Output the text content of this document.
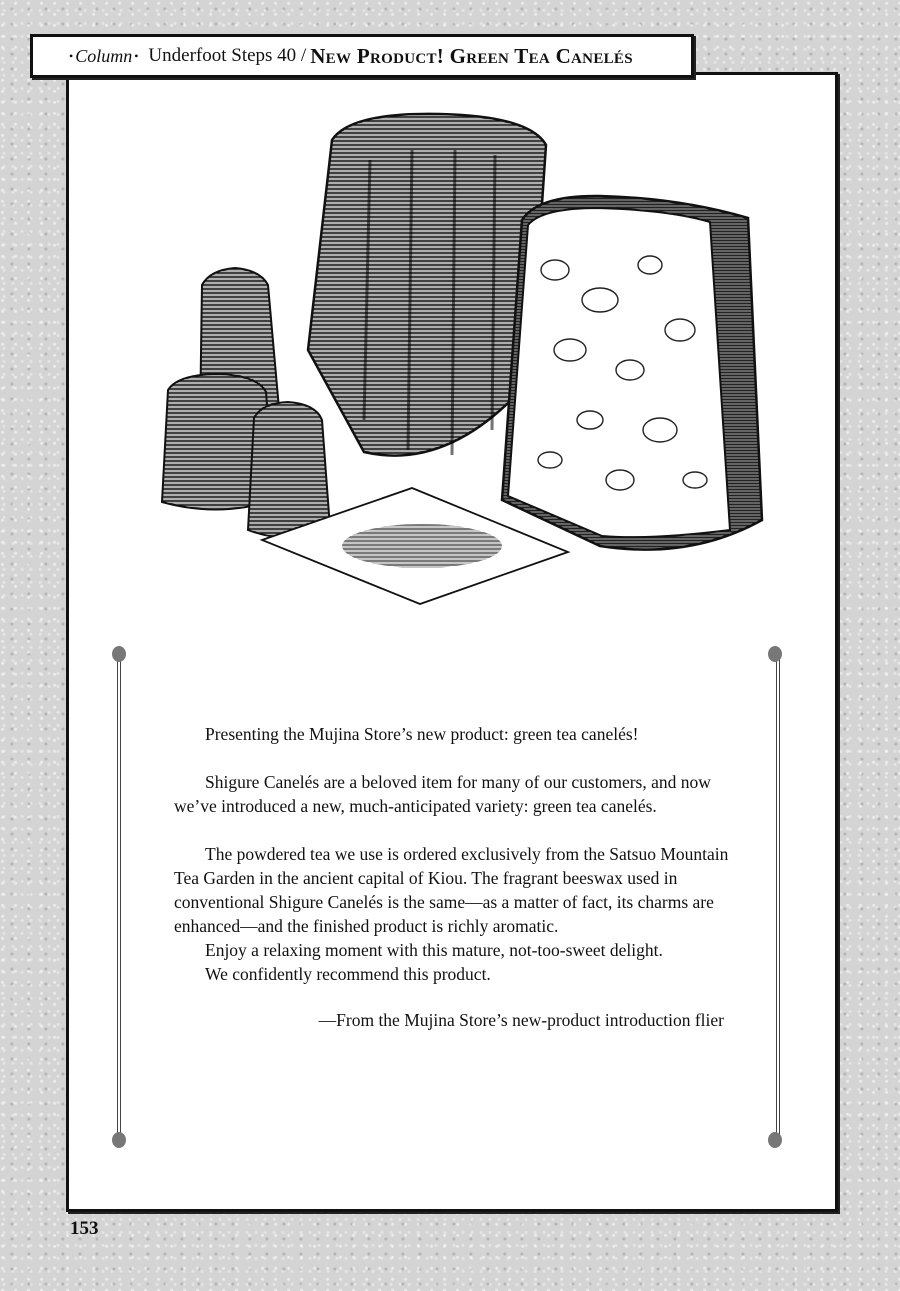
• Column • Underfoot Steps 40 / New Product! Green Tea Canelés

Presenting the Mujina Store’s new product: green tea canelés!

Shigure Canelés are a beloved item for many of our customers, and now we’ve introduced a new, much-anticipated variety: green tea canelés.

The powdered tea we use is ordered exclusively from the Satsuo Mountain Tea Garden in the ancient capital of Kiou. The fragrant beeswax used in conventional Shigure Canelés is the same—as a matter of fact, its charms are enhanced—and the finished product is richly aromatic.

Enjoy a relaxing moment with this mature, not-too-sweet delight.

We confidently recommend this product.

—From the Mujina Store’s new-product introduction flier

153
